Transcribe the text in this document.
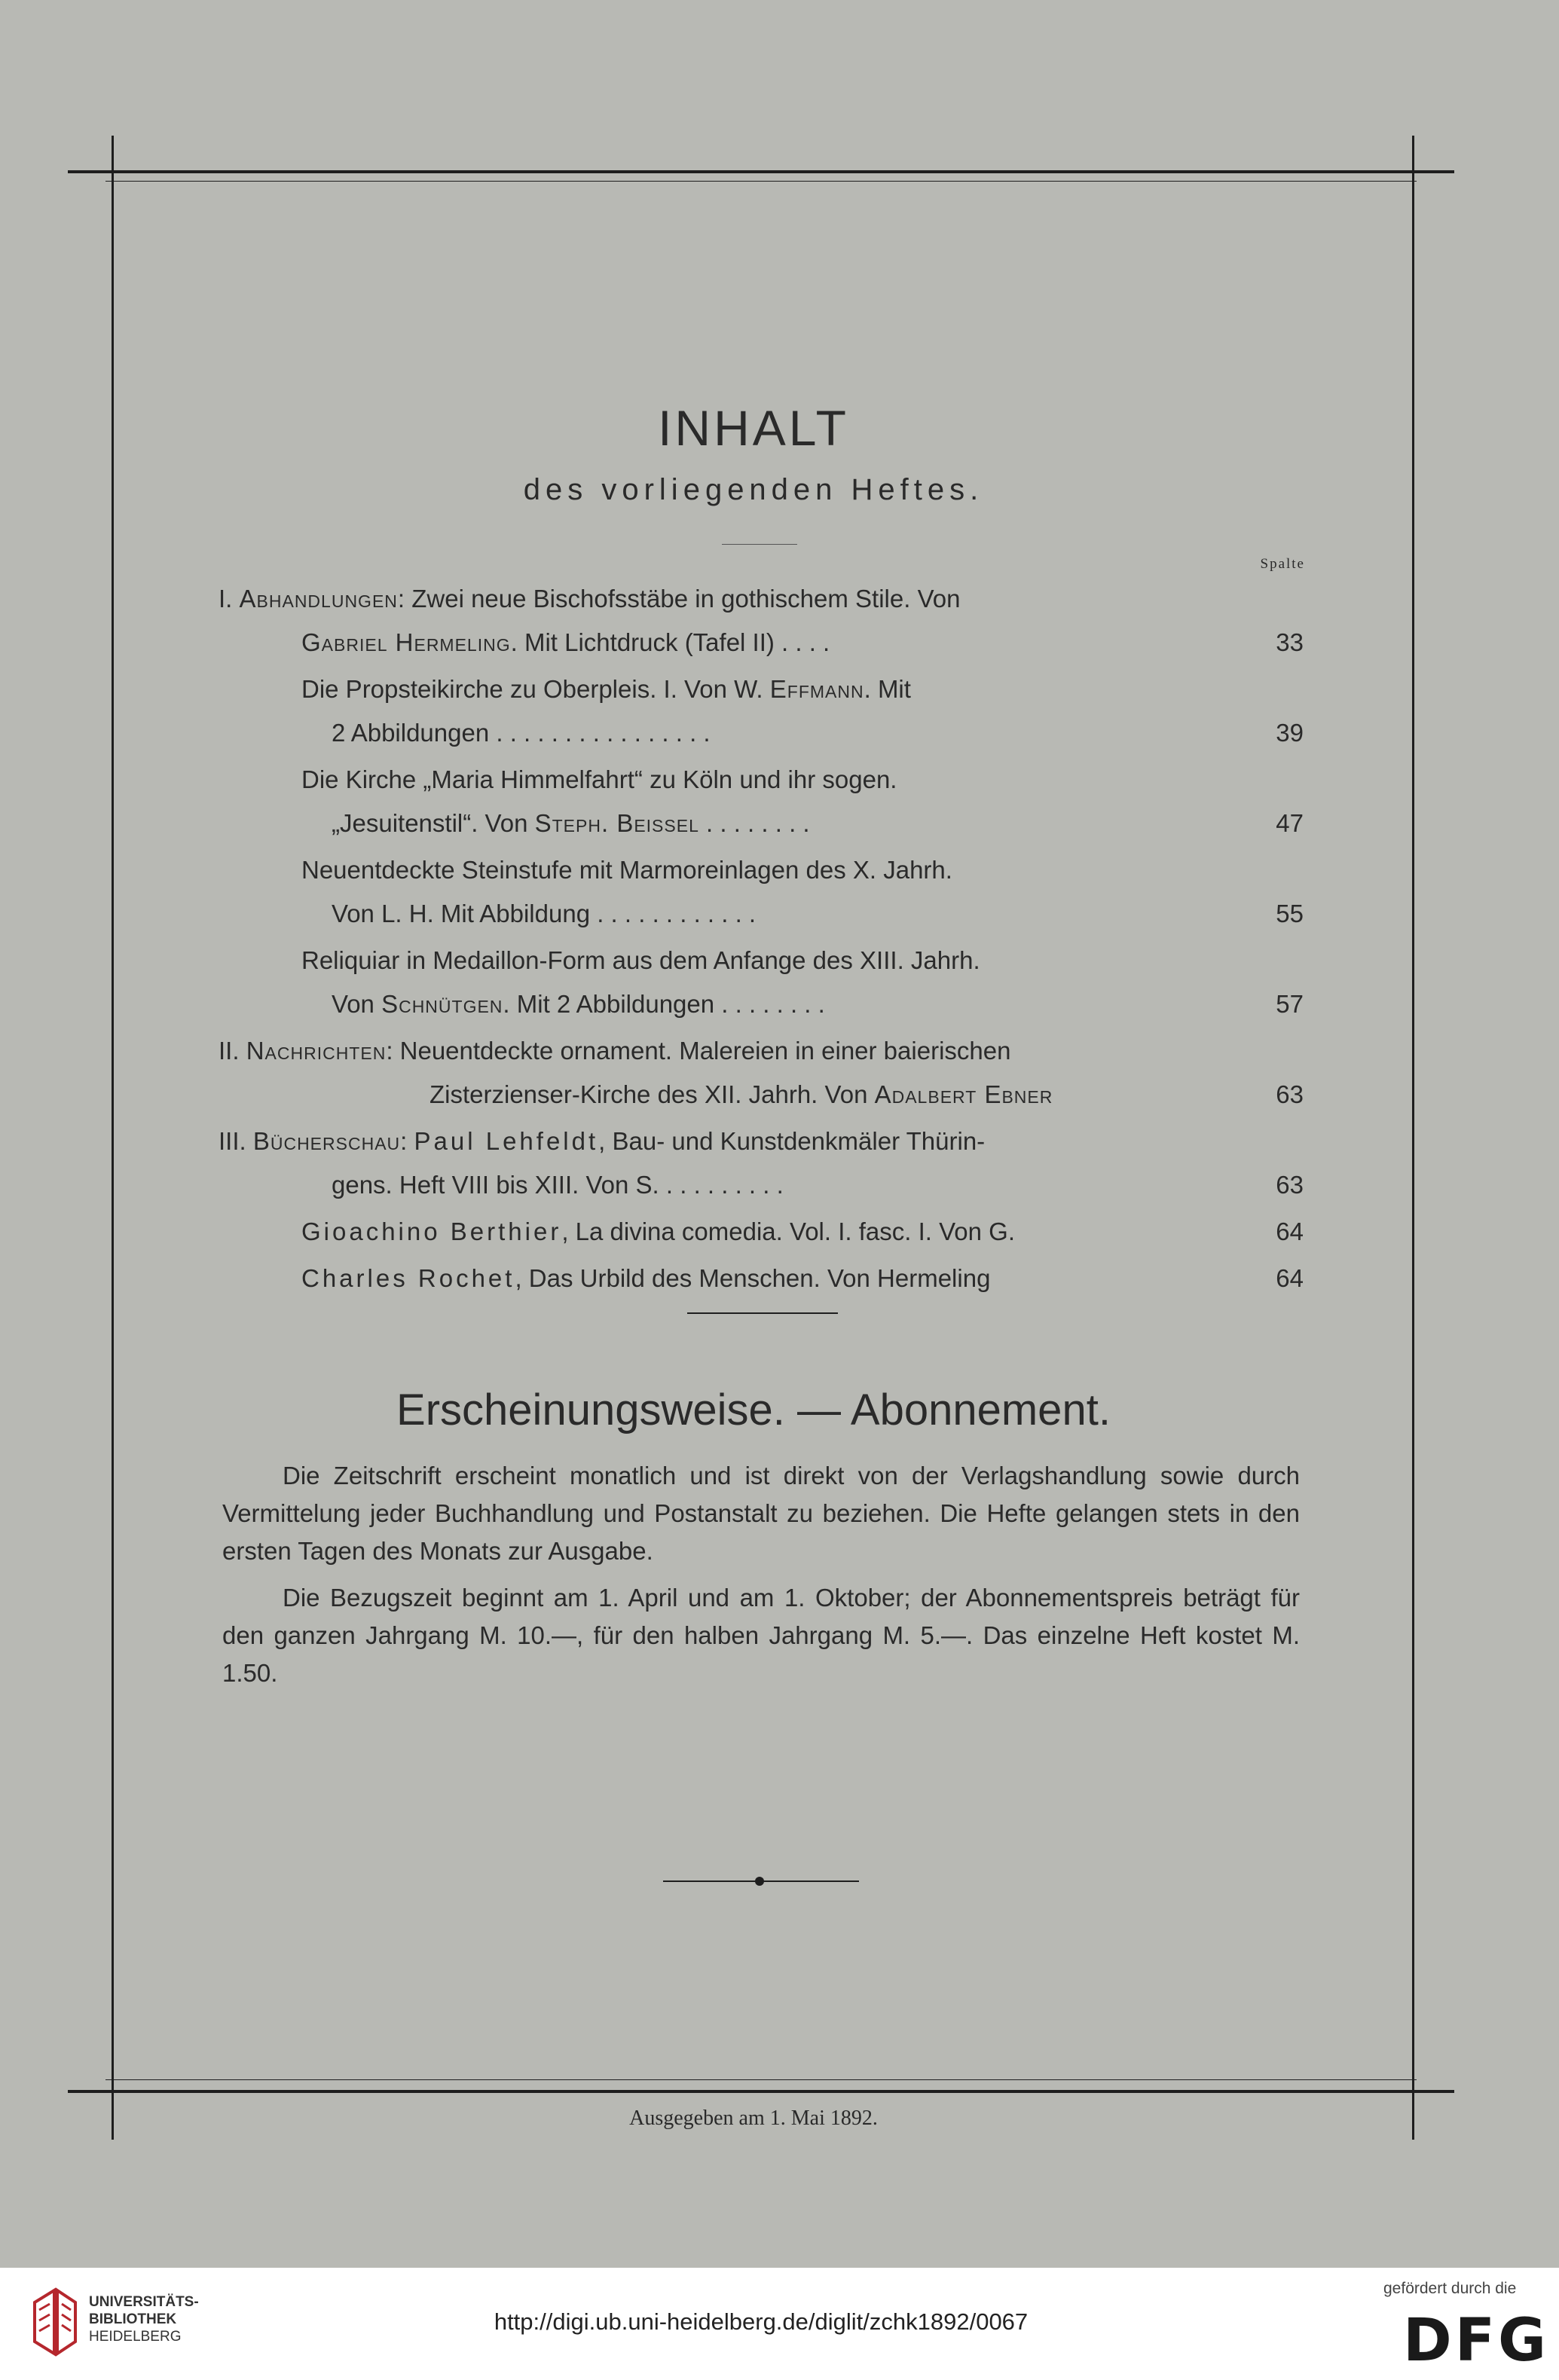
INHALT
des vorliegenden Heftes.
Spalte
I. Abhandlungen: Zwei neue Bischofsstäbe in gothischem Stile. Von
Gabriel Hermeling. Mit Lichtdruck (Tafel II) . . . .	33
Die Propsteikirche zu Oberpleis. I. Von W. Effmann. Mit
2 Abbildungen . . . . . . . . . . . . . . . .	39
Die Kirche „Maria Himmelfahrt“ zu Köln und ihr sogen.
„Jesuitenstil“. Von Steph. Beissel . . . . . . . .	47
Neuentdeckte Steinstufe mit Marmoreinlagen des X. Jahrh.
Von L. H. Mit Abbildung . . . . . . . . . . . .	55
Reliquiar in Medaillon-Form aus dem Anfange des XIII. Jahrh.
Von Schnütgen. Mit 2 Abbildungen . . . . . . . .	57
II. Nachrichten: Neuentdeckte ornament. Malereien in einer baierischen
Zisterzienser-Kirche des XII. Jahrh. Von Adalbert Ebner	63
III. Bücherschau: Paul Lehfeldt, Bau- und Kunstdenkmäler Thürin-
gens. Heft VIII bis XIII. Von S. . . . . . . . . .	63
Gioachino Berthier, La divina comedia. Vol. I. fasc. I. Von G.	64
Charles Rochet, Das Urbild des Menschen. Von Hermeling	64
Erscheinungsweise. — Abonnement.

Die Zeitschrift erscheint monatlich und ist direkt von der Verlagshandlung sowie durch Vermittelung jeder Buchhandlung und Postanstalt zu beziehen. Die Hefte gelangen stets in den ersten Tagen des Monats zur Ausgabe.

Die Bezugszeit beginnt am 1. April und am 1. Oktober; der Abonnementspreis beträgt für den ganzen Jahrgang M. 10.—, für den halben Jahrgang M. 5.—. Das einzelne Heft kostet M. 1.50.

Ausgegeben am 1. Mai 1892.
UNIVERSITÄTS-
BIBLIOTHEK
HEIDELBERG
http://digi.ub.uni-heidelberg.de/diglit/zchk1892/0067
gefördert durch die
DFG
